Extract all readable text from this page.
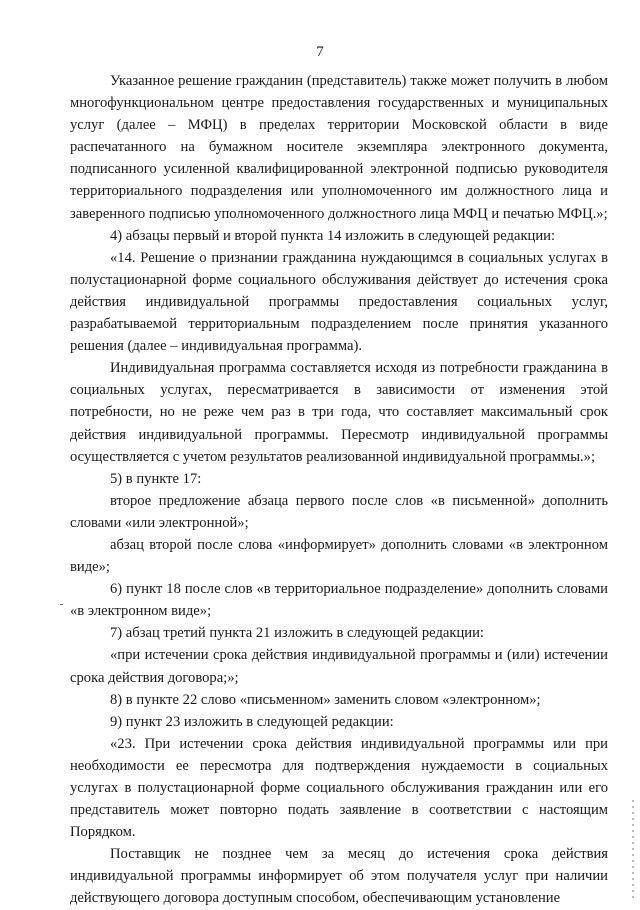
7

Указанное решение гражданин (представитель) также может получить в любом многофункциональном центре предоставления государственных и муниципальных услуг (далее – МФЦ) в пределах территории Московской области в виде распечатанного на бумажном носителе экземпляра электронного документа, подписанного усиленной квалифицированной электронной подписью руководителя территориального подразделения или уполномоченного им должностного лица и заверенного подписью уполномоченного должностного лица МФЦ и печатью МФЦ.»;

4) абзацы первый и второй пункта 14 изложить в следующей редакции:

«14. Решение о признании гражданина нуждающимся в социальных услугах в полустационарной форме социального обслуживания действует до истечения срока действия индивидуальной программы предоставления социальных услуг, разрабатываемой территориальным подразделением после принятия указанного решения (далее – индивидуальная программа).

Индивидуальная программа составляется исходя из потребности гражданина в социальных услугах, пересматривается в зависимости от изменения этой потребности, но не реже чем раз в три года, что составляет максимальный срок действия индивидуальной программы. Пересмотр индивидуальной программы осуществляется с учетом результатов реализованной индивидуальной программы.»;

5) в пункте 17:

второе предложение абзаца первого после слов «в письменной» дополнить словами «или электронной»;

абзац второй после слова «информирует» дополнить словами «в электронном виде»;

6) пункт 18 после слов «в территориальное подразделение» дополнить словами «в электронном виде»;

7) абзац третий пункта 21 изложить в следующей редакции:

«при истечении срока действия индивидуальной программы и (или) истечении срока действия договора;»;

8) в пункте 22 слово «письменном» заменить словом «электронном»;

9) пункт 23 изложить в следующей редакции:

«23. При истечении срока действия индивидуальной программы или при необходимости ее пересмотра для подтверждения нуждаемости в социальных услугах в полустационарной форме социального обслуживания гражданин или его представитель может повторно подать заявление в соответствии с настоящим Порядком.

Поставщик не позднее чем за месяц до истечения срока действия индивидуальной программы информирует об этом получателя услуг при наличии действующего договора доступным способом, обеспечивающим установление
